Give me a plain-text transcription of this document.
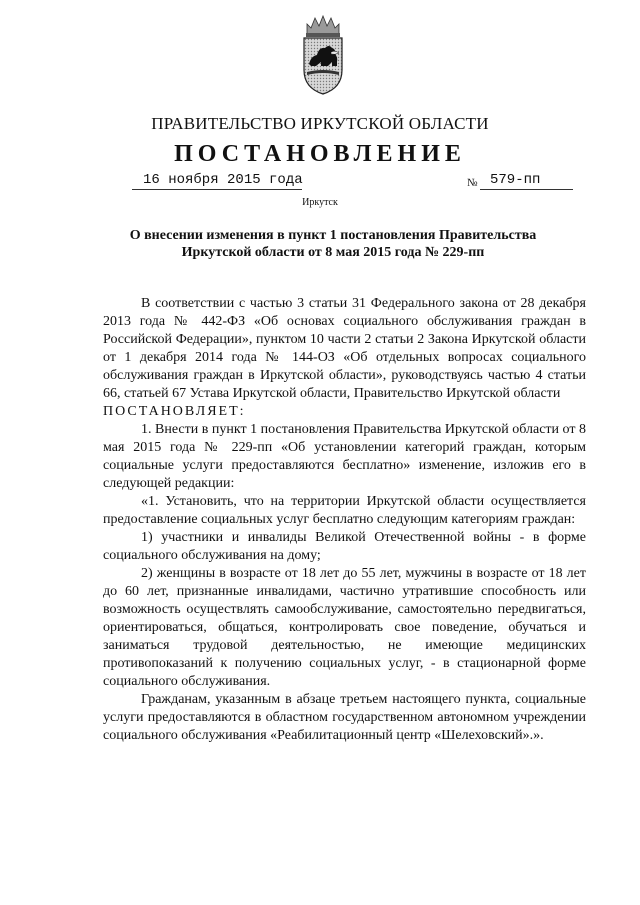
ПРАВИТЕЛЬСТВО ИРКУТСКОЙ ОБЛАСТИ
ПОСТАНОВЛЕНИЕ
16 ноября 2015 года	№ 579-пп
Иркутск
О внесении изменения в пункт 1 постановления Правительства
Иркутской области от 8 мая 2015 года № 229-пп

В соответствии с частью 3 статьи 31 Федерального закона от 28 декабря 2013 года № 442-ФЗ «Об основах социального обслуживания граждан в Российской Федерации», пунктом 10 части 2 статьи 2 Закона Иркутской области от 1 декабря 2014 года № 144-ОЗ «Об отдельных вопросах социального обслуживания граждан в Иркутской области», руководствуясь частью 4 статьи 66, статьей 67 Устава Иркутской области, Правительство Иркутской области

ПОСТАНОВЛЯЕТ:

1. Внести в пункт 1 постановления Правительства Иркутской области от 8 мая 2015 года № 229-пп «Об установлении категорий граждан, которым социальные услуги предоставляются бесплатно» изменение, изложив его в следующей редакции:

«1. Установить, что на территории Иркутской области осуществляется предоставление социальных услуг бесплатно следующим категориям граждан:

1) участники и инвалиды Великой Отечественной войны - в форме социального обслуживания на дому;

2) женщины в возрасте от 18 лет до 55 лет, мужчины в возрасте от 18 лет до 60 лет, признанные инвалидами, частично утратившие способность или возможность осуществлять самообслуживание, самостоятельно передвигаться, ориентироваться, общаться, контролировать свое поведение, обучаться и заниматься трудовой деятельностью, не имеющие медицинских противопоказаний к получению социальных услуг, - в стационарной форме социального обслуживания.

Гражданам, указанным в абзаце третьем настоящего пункта, социальные услуги предоставляются в областном государственном автономном учреждении социального обслуживания «Реабилитационный центр «Шелеховский».».
